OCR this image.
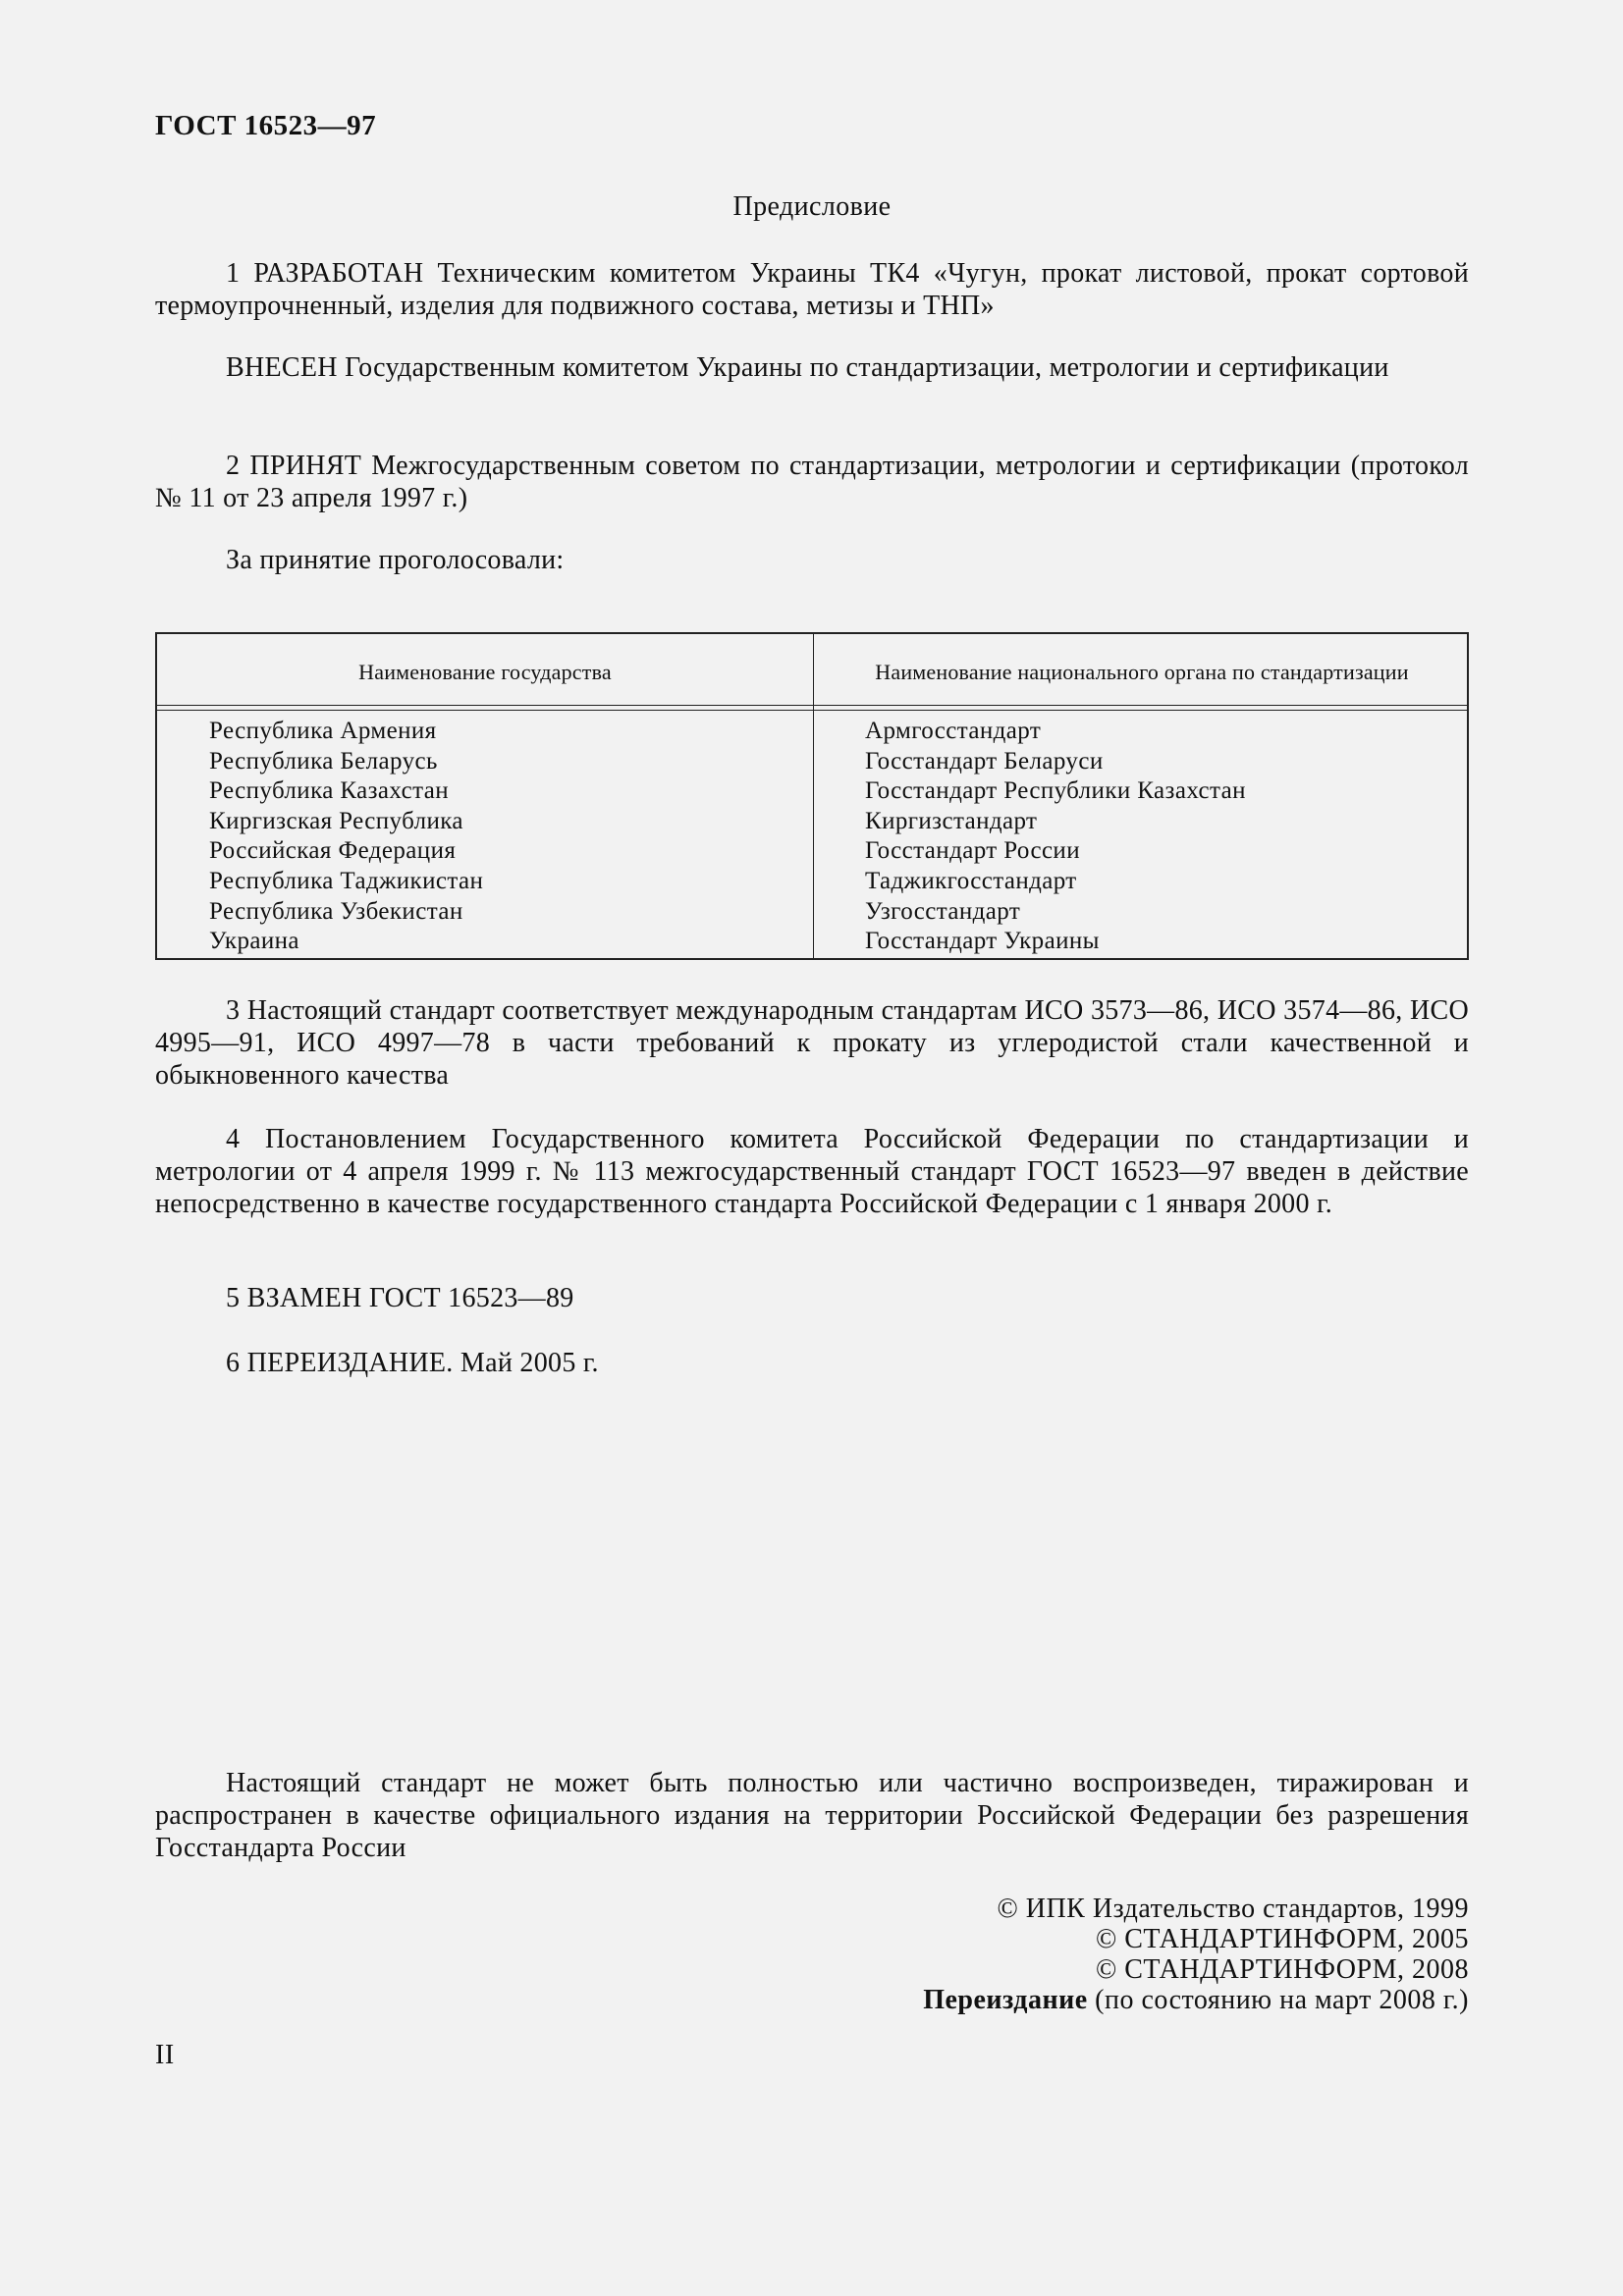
ГОСТ 16523—97
Предисловие
1 РАЗРАБОТАН Техническим комитетом Украины ТК4 «Чугун, прокат листовой, прокат сортовой термоупрочненный, изделия для подвижного состава, метизы и ТНП»
ВНЕСЕН Государственным комитетом Украины по стандартизации, метрологии и сертификации
2 ПРИНЯТ Межгосударственным советом по стандартизации, метрологии и сертификации (протокол № 11 от 23 апреля 1997 г.)
За принятие проголосовали:
Наименование государства	Наименование национального органа по стандартизации
Республика Армения
Республика Беларусь
Республика Казахстан
Киргизская Республика
Российская Федерация
Республика Таджикистан
Республика Узбекистан
Украина
Армгосстандарт
Госстандарт Беларуси
Госстандарт Республики Казахстан
Киргизстандарт
Госстандарт России
Таджикгосстандарт
Узгосстандарт
Госстандарт Украины
3 Настоящий стандарт соответствует международным стандартам ИСО 3573—86, ИСО 3574—86, ИСО 4995—91, ИСО 4997—78 в части требований к прокату из углеродистой стали качественной и обыкновенного качества
4 Постановлением Государственного комитета Российской Федерации по стандартизации и метрологии от 4 апреля 1999 г. № 113 межгосударственный стандарт ГОСТ 16523—97 введен в действие непосредственно в качестве государственного стандарта Российской Федерации с 1 января 2000 г.
5 ВЗАМЕН ГОСТ 16523—89
6 ПЕРЕИЗДАНИЕ. Май 2005 г.
Настоящий стандарт не может быть полностью или частично воспроизведен, тиражирован и распространен в качестве официального издания на территории Российской Федерации без разрешения Госстандарта России
© ИПК Издательство стандартов, 1999
© СТАНДАРТИНФОРМ, 2005
© СТАНДАРТИНФОРМ, 2008
Переиздание (по состоянию на март 2008 г.)
II
